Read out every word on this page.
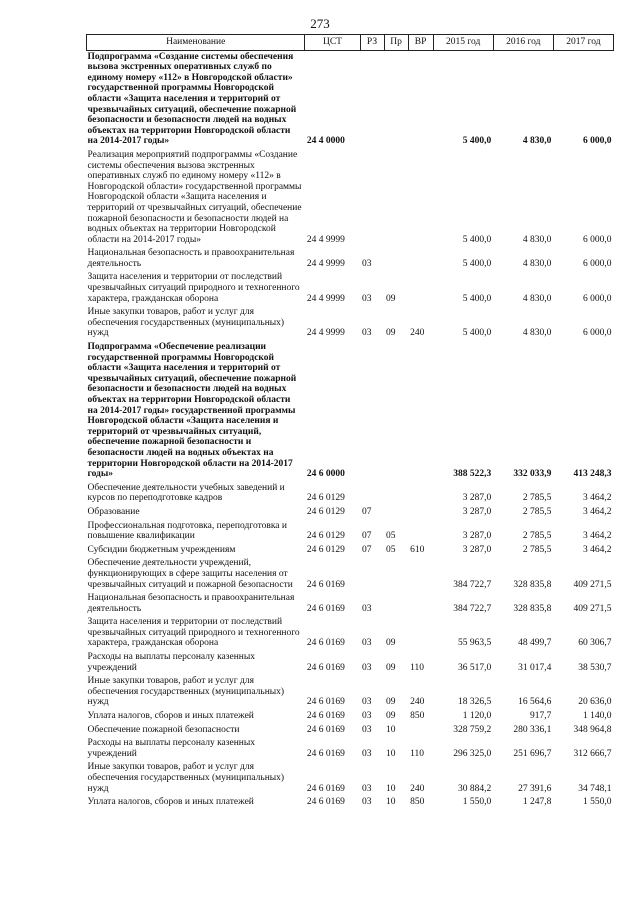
273
Наименование	ЦСТ	РЗ	Пр	ВР	2015 год	2016 год	2017 год
Подпрограмма «Создание системы обеспечения вызова экстренных оперативных служб по единому номеру «112» в Новгородской области» государственной программы Новгородской области «Защита населения и территорий от чрезвычайных ситуаций, обеспечение пожарной безопасности и безопасности людей на водных объектах на территории Новгородской области на 2014-2017 годы»	24 4 0000				5 400,0	4 830,0	6 000,0
Реализация мероприятий подпрограммы «Создание системы обеспечения вызова экстренных оперативных служб по единому номеру «112» в Новгородской области» государственной программы Новгородской области «Защита населения и территорий от чрезвычайных ситуаций, обеспечение пожарной безопасности и безопасности людей на водных объектах на территории Новгородской области на 2014-2017 годы»	24 4 9999				5 400,0	4 830,0	6 000,0
Национальная безопасность и правоохранительная деятельность	24 4 9999	03			5 400,0	4 830,0	6 000,0
Защита населения и территории от последствий чрезвычайных ситуаций природного и техногенного характера, гражданская оборона	24 4 9999	03	09		5 400,0	4 830,0	6 000,0
Иные закупки товаров, работ и услуг для обеспечения государственных (муниципальных) нужд	24 4 9999	03	09	240	5 400,0	4 830,0	6 000,0
Подпрограмма «Обеспечение реализации государственной программы Новгородской области «Защита населения и территорий от чрезвычайных ситуаций, обеспечение пожарной безопасности и безопасности людей на водных объектах на территории Новгородской области на 2014-2017 годы» государственной программы Новгородской области «Защита населения и территорий от чрезвычайных ситуаций, обеспечение пожарной безопасности и безопасности людей на водных объектах на территории Новгородской области на 2014-2017 годы»	24 6 0000				388 522,3	332 033,9	413 248,3
Обеспечение деятельности учебных заведений и курсов по переподготовке кадров	24 6 0129				3 287,0	2 785,5	3 464,2
Образование	24 6 0129	07			3 287,0	2 785,5	3 464,2
Профессиональная подготовка, переподготовка и повышение квалификации	24 6 0129	07	05		3 287,0	2 785,5	3 464,2
Субсидии бюджетным учреждениям	24 6 0129	07	05	610	3 287,0	2 785,5	3 464,2
Обеспечение деятельности учреждений, функционирующих в сфере защиты населения от чрезвычайных ситуаций и пожарной безопасности	24 6 0169				384 722,7	328 835,8	409 271,5
Национальная безопасность и правоохранительная деятельность	24 6 0169	03			384 722,7	328 835,8	409 271,5
Защита населения и территории от последствий чрезвычайных ситуаций природного и техногенного характера, гражданская оборона	24 6 0169	03	09		55 963,5	48 499,7	60 306,7
Расходы на выплаты персоналу казенных учреждений	24 6 0169	03	09	110	36 517,0	31 017,4	38 530,7
Иные закупки товаров, работ и услуг для обеспечения государственных (муниципальных) нужд	24 6 0169	03	09	240	18 326,5	16 564,6	20 636,0
Уплата налогов, сборов и иных платежей	24 6 0169	03	09	850	1 120,0	917,7	1 140,0
Обеспечение пожарной безопасности	24 6 0169	03	10		328 759,2	280 336,1	348 964,8
Расходы на выплаты персоналу казенных учреждений	24 6 0169	03	10	110	296 325,0	251 696,7	312 666,7
Иные закупки товаров, работ и услуг для обеспечения государственных (муниципальных) нужд	24 6 0169	03	10	240	30 884,2	27 391,6	34 748,1
Уплата налогов, сборов и иных платежей	24 6 0169	03	10	850	1 550,0	1 247,8	1 550,0
